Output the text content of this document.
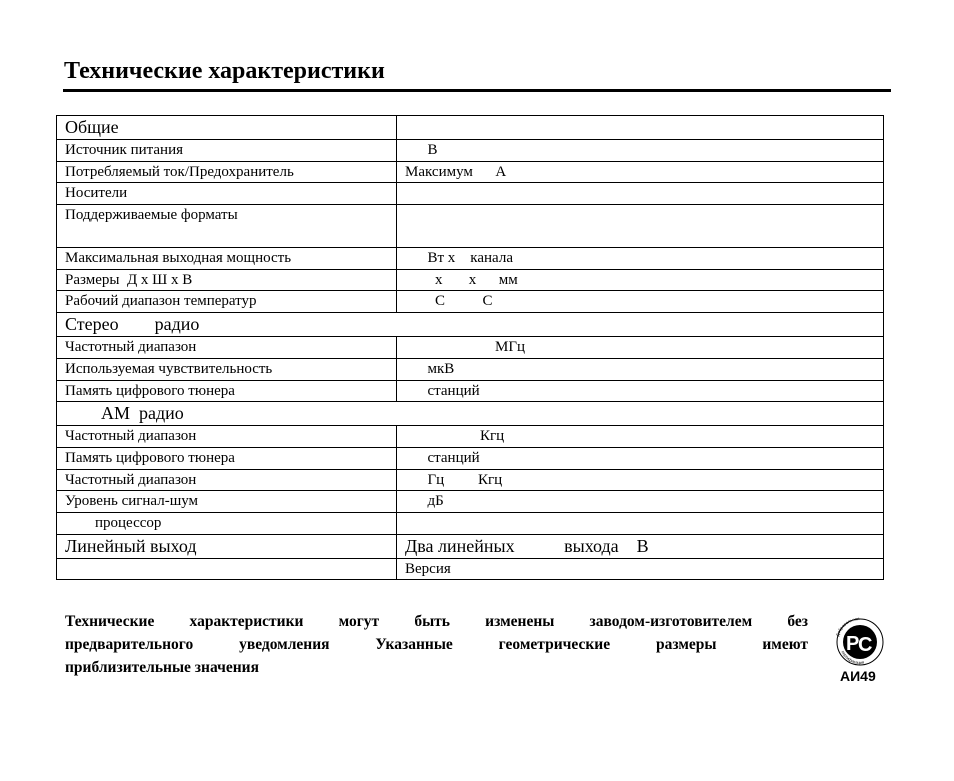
Технические характеристики
Общие	
Источник питания	В
Потребляемый ток/Предохранитель	Максимум      А
Носители	
Поддерживаемые форматы	
Максимальная выходная мощность	Вт х    канала
Размеры  Д х Ш х В	х       х      мм
Рабочий диапазон температур	С          С
Стерео        радио	
Частотный диапазон	МГц
Используемая чувствительность	мкВ
Память цифрового тюнера	станций
АМ  радио	
Частотный диапазон	Кгц
Память цифрового тюнера	станций
Частотный диапазон	Гц         Кгц
Уровень сигнал-шум	дБ
процессор	
Линейный выход	Два линейных           выхода    В
	Версия
Технические характеристики могут быть изменены заводом-изготовителем без
предварительного уведомления Указанные геометрические размеры имеют
приблизительные значения
P
C
Добровольная
сертификация
АИ49
